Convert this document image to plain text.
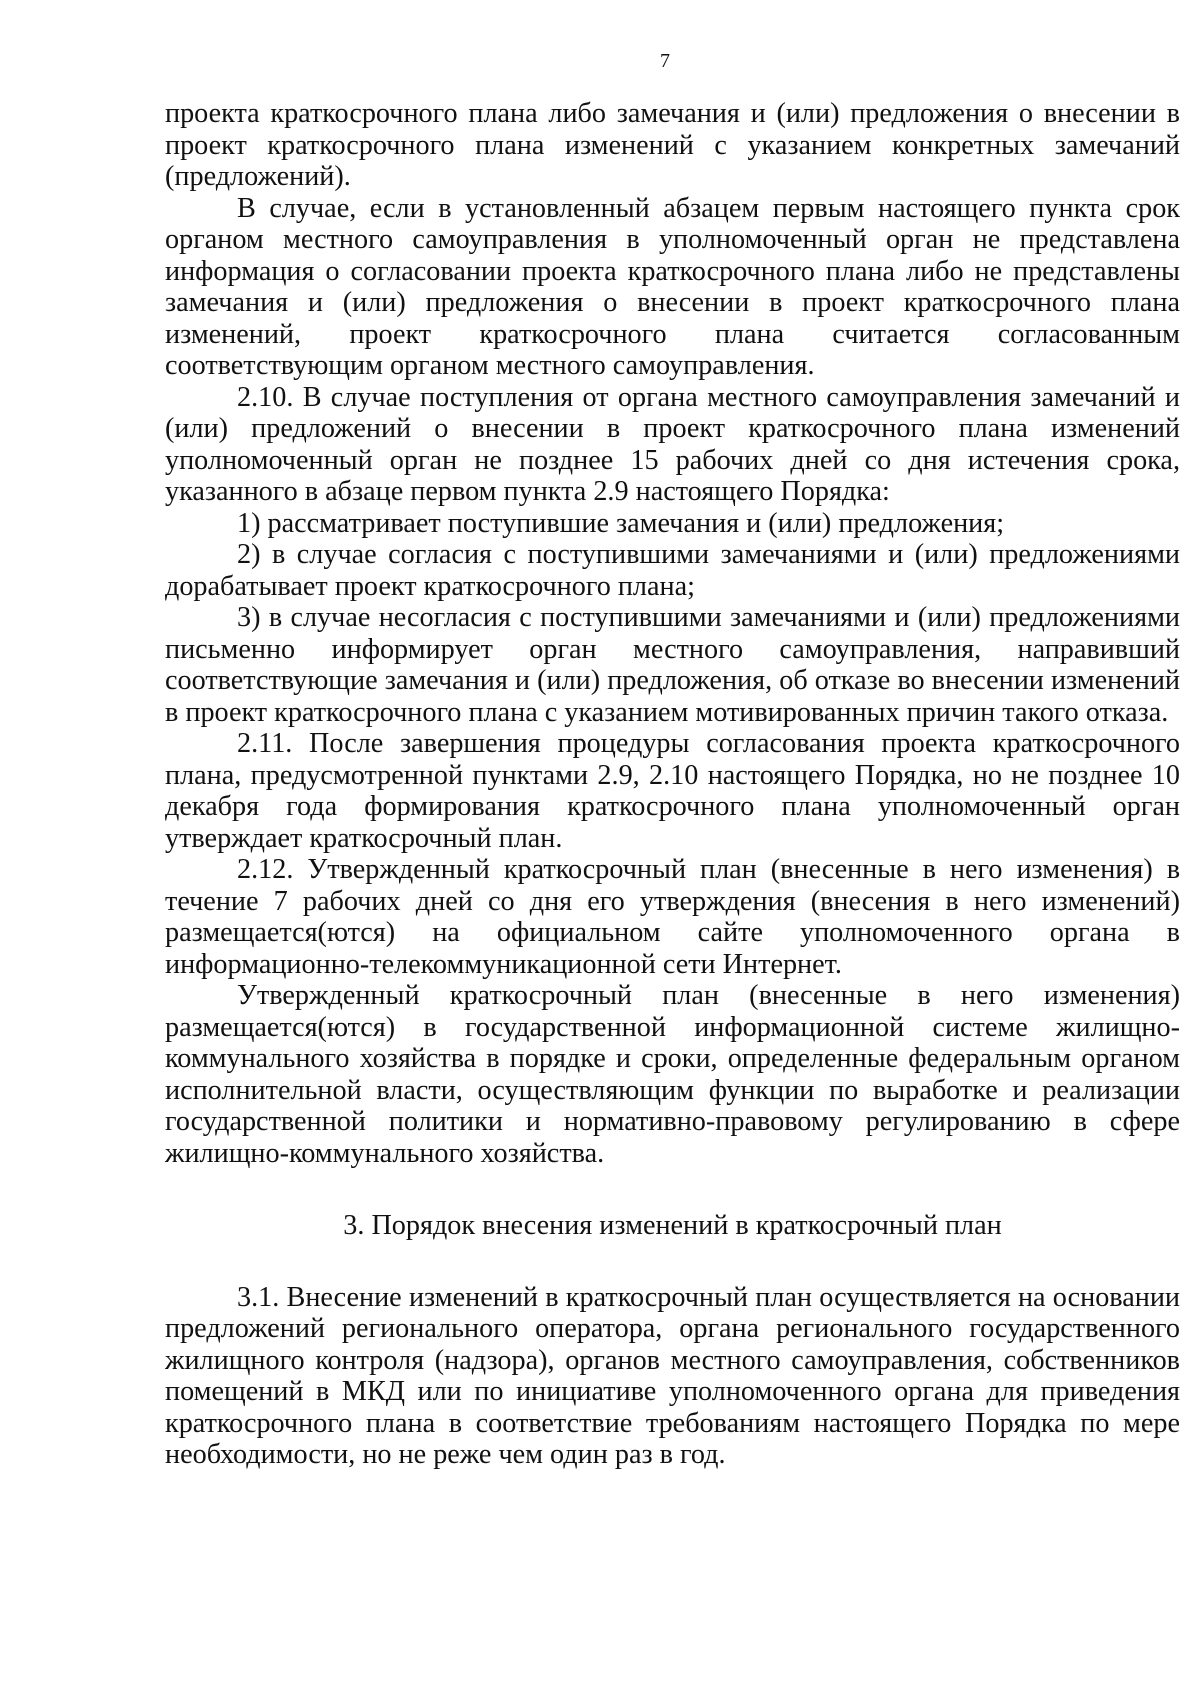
7

проекта краткосрочного плана либо замечания и (или) предложения о внесении в проект краткосрочного плана изменений с указанием конкретных замечаний (предложений).

В случае, если в установленный абзацем первым настоящего пункта срок органом местного самоуправления в уполномоченный орган не представлена информация о согласовании проекта краткосрочного плана либо не представлены замечания и (или) предложения о внесении в проект краткосрочного плана изменений, проект краткосрочного плана считается согласованным соответствующим органом местного самоуправления.

2.10. В случае поступления от органа местного самоуправления замечаний и (или) предложений о внесении в проект краткосрочного плана изменений уполномоченный орган не позднее 15 рабочих дней со дня истечения срока, указанного в абзаце первом пункта 2.9 настоящего Порядка:

1) рассматривает поступившие замечания и (или) предложения;

2) в случае согласия с поступившими замечаниями и (или) предложениями дорабатывает проект краткосрочного плана;

3) в случае несогласия с поступившими замечаниями и (или) предложениями письменно информирует орган местного самоуправления, направивший соответствующие замечания и (или) предложения, об отказе во внесении изменений в проект краткосрочного плана с указанием мотивированных причин такого отказа.

2.11. После завершения процедуры согласования проекта краткосрочного плана, предусмотренной пунктами 2.9, 2.10 настоящего Порядка, но не позднее 10 декабря года формирования краткосрочного плана уполномоченный орган утверждает краткосрочный план.

2.12. Утвержденный краткосрочный план (внесенные в него изменения) в течение 7 рабочих дней со дня его утверждения (внесения в него изменений) размещается(ются) на официальном сайте уполномоченного органа в информационно-телекоммуникационной сети Интернет.

Утвержденный краткосрочный план (внесенные в него изменения) размещается(ются) в государственной информационной системе жилищно-коммунального хозяйства в порядке и сроки, определенные федеральным органом исполнительной власти, осуществляющим функции по выработке и реализации государственной политики и нормативно-правовому регулированию в сфере жилищно-коммунального хозяйства.

3. Порядок внесения изменений в краткосрочный план

3.1. Внесение изменений в краткосрочный план осуществляется на основании предложений регионального оператора, органа регионального государственного жилищного контроля (надзора), органов местного самоуправления, собственников помещений в МКД или по инициативе уполномоченного органа для приведения краткосрочного плана в соответствие требованиям настоящего Порядка по мере необходимости, но не реже чем один раз в год.
